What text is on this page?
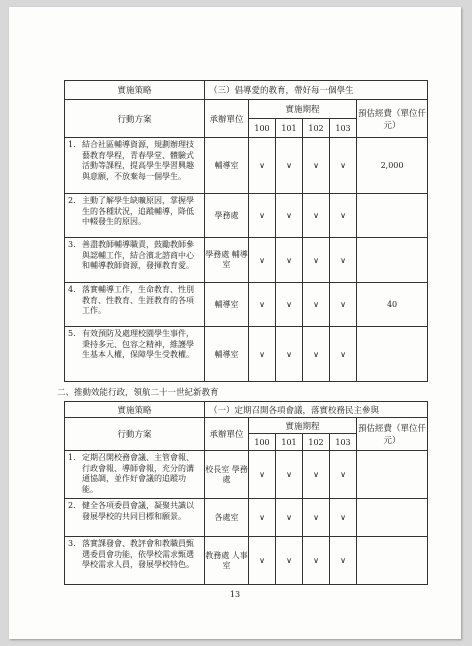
實施策略	（三）倡導愛的教育，帶好每一個學生					
行動方案	承辦單位	實施期程				預估經費（單位仟元）
		100	101	102	103	
1. 結合社區輔導資源，規劃辦理技藝教育學程，青春學堂、體驗式活動等課程，提高學生學習興趣與意願，不放棄每一個學生。	輔導室	∨	∨	∨	∨	2,000
2. 主動了解學生缺曠原因，掌握學生的各種狀況，追蹤輔導，降低中輟發生的原因。	學務處	∨	∨	∨	∨	
3. 善盡教師輔導職責，鼓勵教師參與認輔工作，結合濱北諮商中心和輔導教師資源，發揮教育愛。	學務處 輔導室	∨	∨	∨	∨	
4. 落實輔導工作，生命教育、性別教育、性教育、生涯教育的各項工作。	輔導室	∨	∨	∨	∨	40
5. 有效預防及處理校園學生事件，秉持多元、包容之精神，維護學生基本人權，保障學生受教權。	輔導室	∨	∨	∨	∨	
二、推動效能行政，領航二十一世紀新教育
實施策略	（一）定期召開各項會議，落實校務民主參與					
行動方案	承辦單位	實施期程				預估經費（單位仟元）
		100	101	102	103	
1. 定期召開校務會議、主管會報、行政會報、導師會報，充分的溝通協調，並作好會議的追蹤功能。	校長室 學務處	∨	∨	∨	∨	
2. 健全各項委員會議，凝聚共識以發展學校的共同目標和願景。	各處室	∨	∨	∨	∨	
3. 落實課發會、教評會和教職員甄選委員會功能，依學校需求甄選學校需求人員，發展學校特色。	教務處 人事室	∨	∨	∨	∨	
13
